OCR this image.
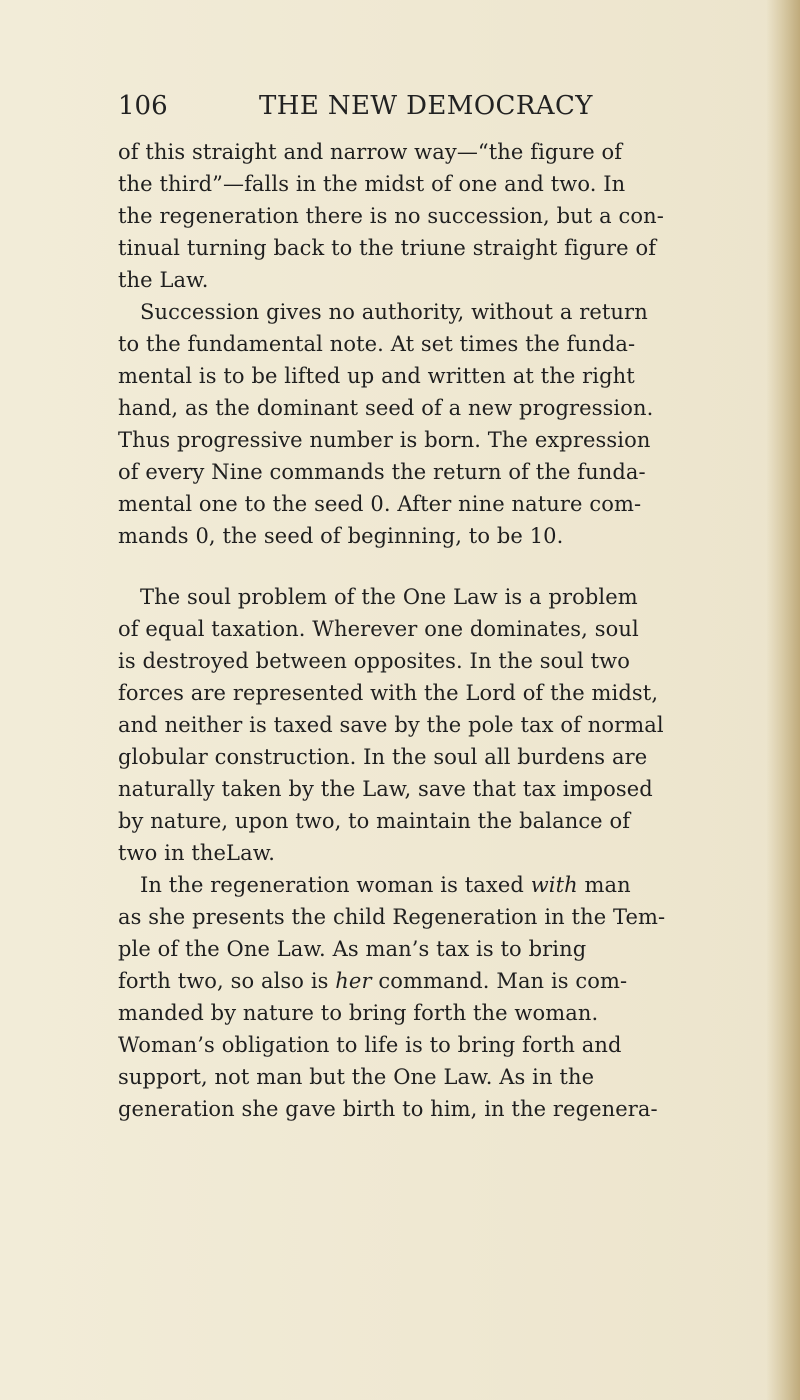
106	THE NEW DEMOCRACY
of this straight and narrow way—“the figure of
the third”—falls in the midst of one and two. In
the regeneration there is no succession, but a con-
tinual turning back to the triune straight figure of
the Law.
Succession gives no authority, without a return
to the fundamental note. At set times the funda-
mental is to be lifted up and written at the right
hand, as the dominant seed of a new progression.
Thus progressive number is born. The expression
of every Nine commands the return of the funda-
mental one to the seed 0. After nine nature com-
mands 0, the seed of beginning, to be 10.
The soul problem of the One Law is a problem
of equal taxation. Wherever one dominates, soul
is destroyed between opposites. In the soul two
forces are represented with the Lord of the midst,
and neither is taxed save by the pole tax of normal
globular construction. In the soul all burdens are
naturally taken by the Law, save that tax imposed
by nature, upon two, to maintain the balance of
two in theLaw.
In the regeneration woman is taxed with man
as she presents the child Regeneration in the Tem-
ple of the One Law. As man’s tax is to bring
forth two, so also is her command. Man is com-
manded by nature to bring forth the woman.
Woman’s obligation to life is to bring forth and
support, not man but the One Law. As in the
generation she gave birth to him, in the regenera-
